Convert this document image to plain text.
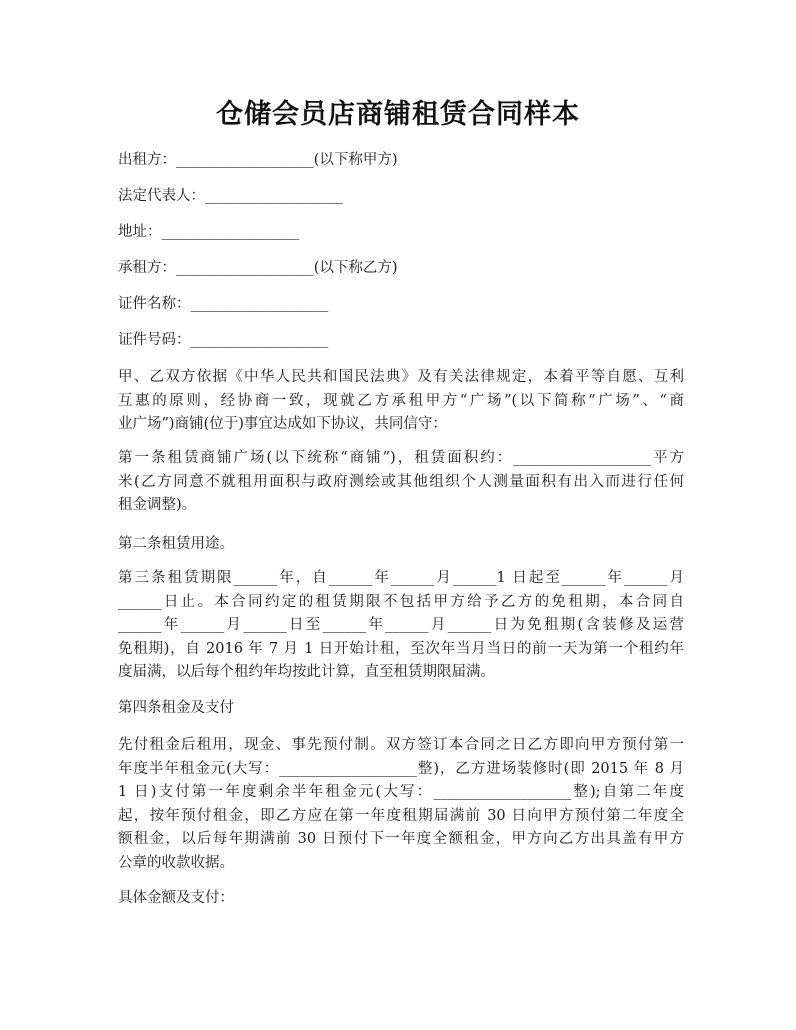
仓储会员店商铺租赁合同样本
出租方：___________________(以下称甲方)
法定代表人：___________________
地址：___________________
承租方：___________________(以下称乙方)
证件名称：___________________
证件号码：___________________
甲、乙双方依据《中华人民共和国民法典》及有关法律规定，本着平等自愿、互利
互惠的原则，经协商一致，现就乙方承租甲方“广场”(以下简称“广场”、“商
业广场”)商铺(位于)事宜达成如下协议，共同信守：
第一条租赁商铺广场(以下统称“商铺”)，租赁面积约：___________________平方
米(乙方同意不就租用面积与政府测绘或其他组织个人测量面积有出入而进行任何
租金调整)。
第二条租赁用途。
第三条租赁期限______年，自______年______月______1 日起至______年______月
______日止。本合同约定的租赁期限不包括甲方给予乙方的免租期，本合同自
______年______月______日至______年______月______日为免租期(含装修及运营
免租期)，自 2016 年 7 月 1 日开始计租，至次年当月当日的前一天为第一个租约年
度届满，以后每个租约年均按此计算，直至租赁期限届满。
第四条租金及支付
先付租金后租用，现金、事先预付制。双方签订本合同之日乙方即向甲方预付第一
年度半年租金元(大写：___________________整)，乙方进场装修时(即 2015 年 8 月
1 日)支付第一年度剩余半年租金元(大写：___________________整);自第二年度
起，按年预付租金，即乙方应在第一年度租期届满前 30 日向甲方预付第二年度全
额租金，以后每年期满前 30 日预付下一年度全额租金，甲方向乙方出具盖有甲方
公章的收款收据。
具体金额及支付：
